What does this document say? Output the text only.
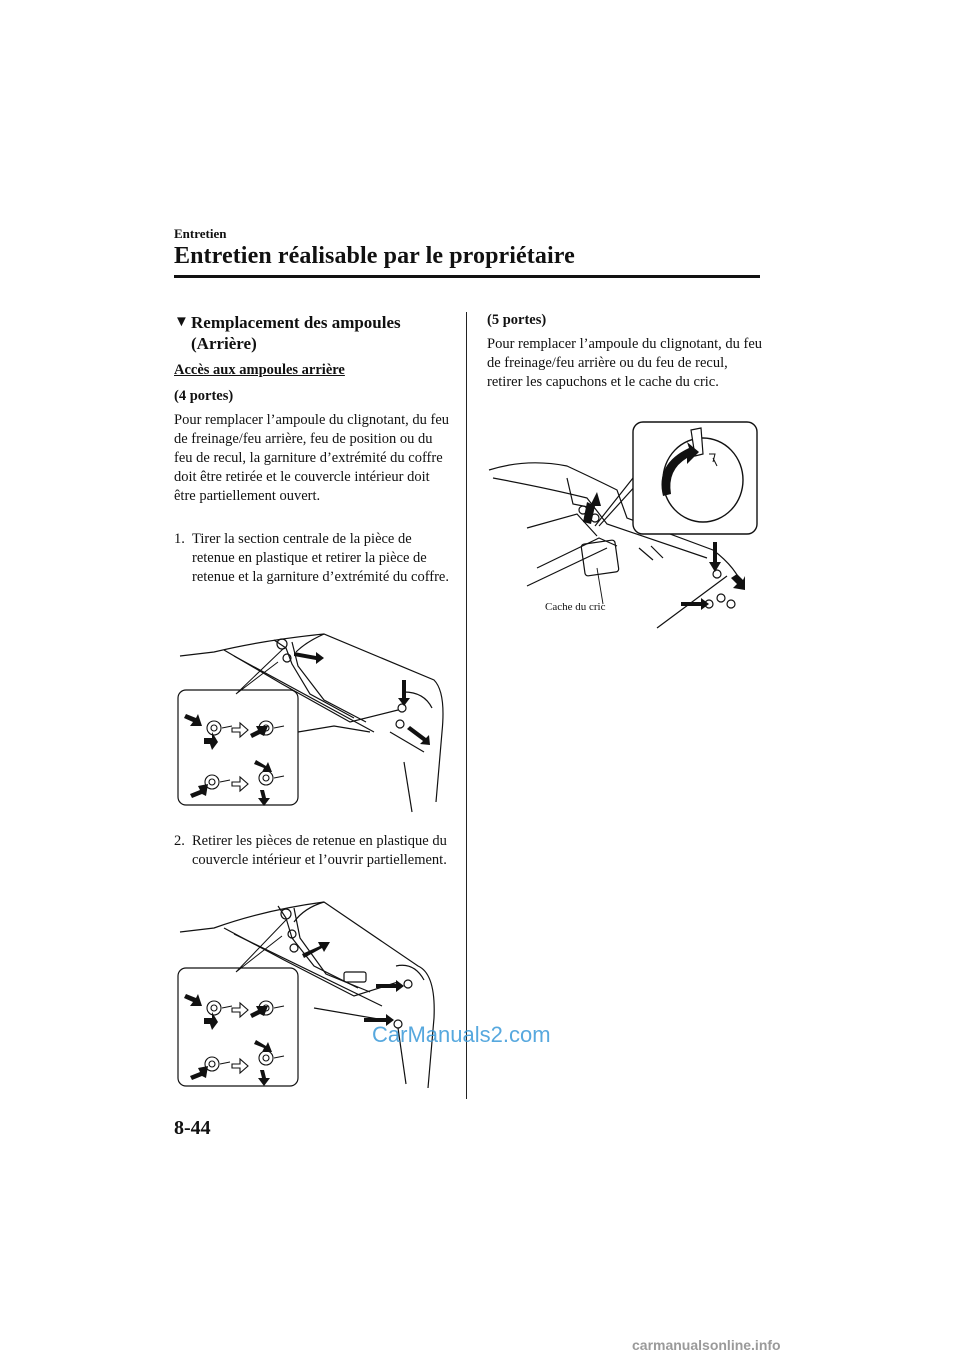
Entretien
Entretien réalisable par le propriétaire
▼ Remplacement des ampoules
(Arrière)
Accès aux ampoules arrière
(4 portes)
Pour remplacer l’ampoule du clignotant, du feu de freinage/feu arrière, feu de position ou du feu de recul, la garniture d’extrémité du coffre doit être retirée et le couvercle intérieur doit être partiellement ouvert.
1. Tirer la section centrale de la pièce de retenue en plastique et retirer la pièce de retenue et la garniture d’extrémité du coffre.
2. Retirer les pièces de retenue en plastique du couvercle intérieur et l’ouvrir partiellement.
(5 portes)
Pour remplacer l’ampoule du clignotant, du feu de freinage/feu arrière ou du feu de recul, retirer les capuchons et le cache du cric.
Cache du cric
8-44
CarManuals2.com
carmanualsonline.info
